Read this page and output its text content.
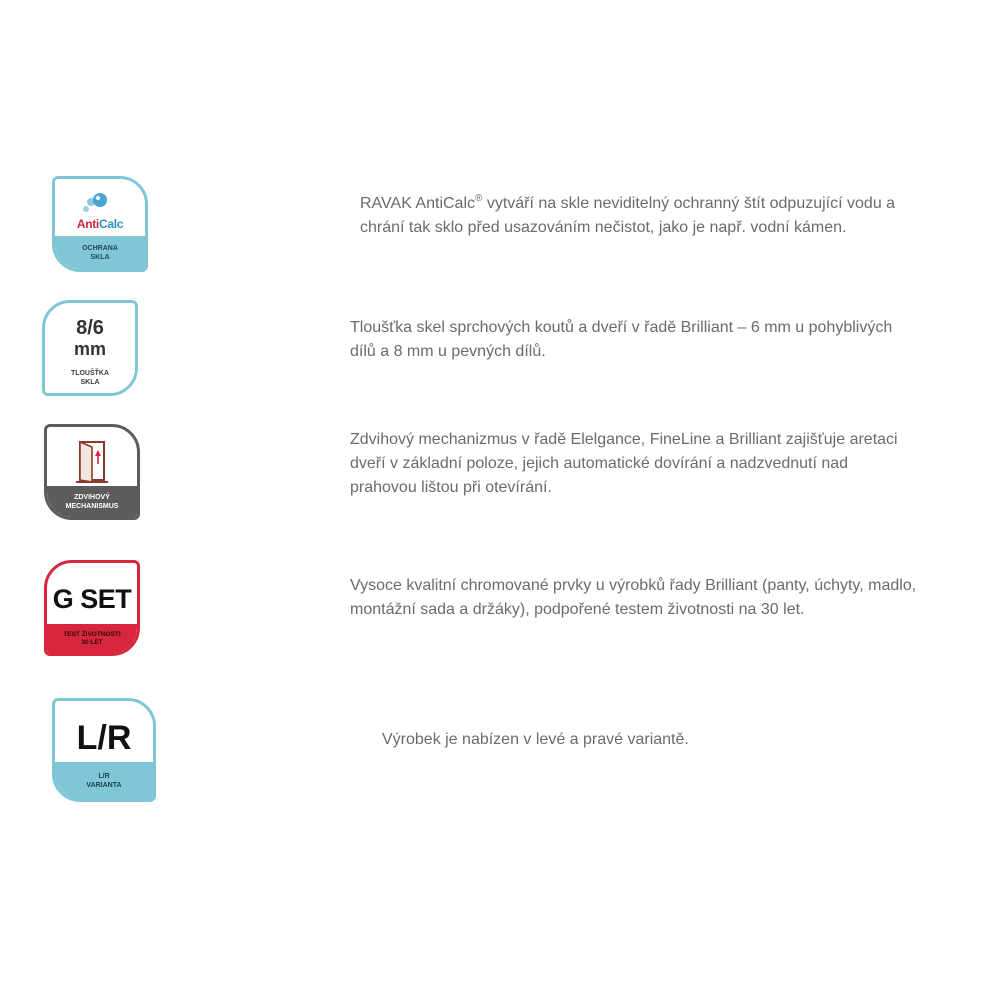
AntiCalc
OCHRANA
SKLA
RAVAK AntiCalc® vytváří na skle neviditelný ochranný štít odpuzující vodu a
chrání tak sklo před usazováním nečistot, jako je např. vodní kámen.
8/6
mm
TLOUŠŤKA
SKLA
Tloušťka skel sprchových koutů a dveří v řadě Brilliant – 6 mm u pohyblivých
dílů a 8 mm u pevných dílů.
ZDVIHOVÝ
MECHANISMUS
Zdvihový mechanizmus v řadě Elelgance, FineLine a Brilliant zajišťuje aretaci
dveří v základní poloze, jejich automatické dovírání a nadzvednutí nad
prahovou lištou při otevírání.
G SET
TEST ŽIVOTNOSTI
30 LET
Vysoce kvalitní chromované prvky u výrobků řady Brilliant (panty, úchyty, madlo,
montážní sada a držáky), podpořené testem životnosti na 30 let.
L/R
L/R
VARIANTA
Výrobek je nabízen v levé a pravé variantě.
